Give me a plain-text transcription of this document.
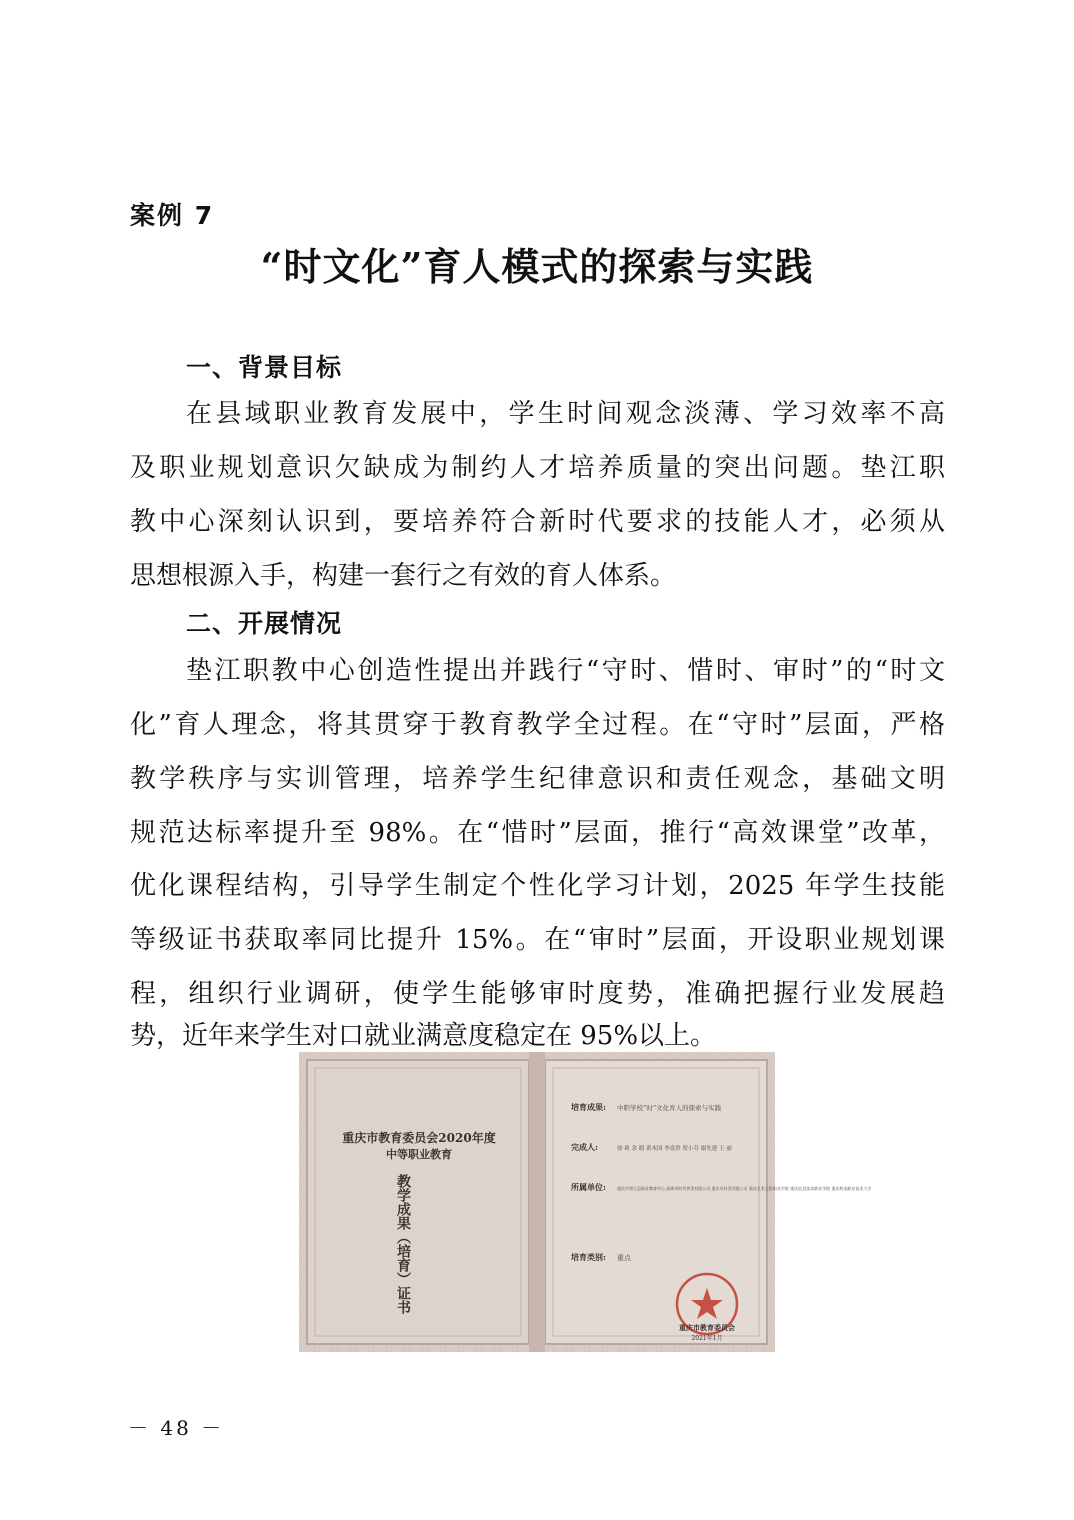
案例 7
“时文化”育人模式的探索与实践
一、背景目标
在县域职业教育发展中，学生时间观念淡薄、学习效率不高
及职业规划意识欠缺成为制约人才培养质量的突出问题。垫江职
教中心深刻认识到，要培养符合新时代要求的技能人才，必须从
思想根源入手，构建一套行之有效的育人体系。
二、开展情况
垫江职教中心创造性提出并践行“守时、惜时、审时”的“时文
化”育人理念，将其贯穿于教育教学全过程。在“守时”层面，严格
教学秩序与实训管理，培养学生纪律意识和责任观念，基础文明
规范达标率提升至 98%。在“惜时”层面，推行“高效课堂”改革，
优化课程结构，引导学生制定个性化学习计划，2025 年学生技能
等级证书获取率同比提升 15%。在“审时”层面，开设职业规划课
程，组织行业调研，使学生能够审时度势，准确把握行业发展趋
势，近年来学生对口就业满意度稳定在 95%以上。
重庆市教育委员会2020年度
中等职业教育
教学成果（培育）证书
培育成果: 中职学校“时”文化育人的探索与实践
完成人:	徐 莉 余 瑕 黄木国 李富贵 贺小芬 谢先建 王 丽
所属单位:	重庆市垫江县职业教育中心 深圳市时代伊美有限公司 重庆市轩美有限公司 重庆艺术工程职业学院 重庆信息技术职业学院 重庆机电职业技术大学
培育类别: 重点
重庆市教育委员会
2021年1月
－ 48 －
